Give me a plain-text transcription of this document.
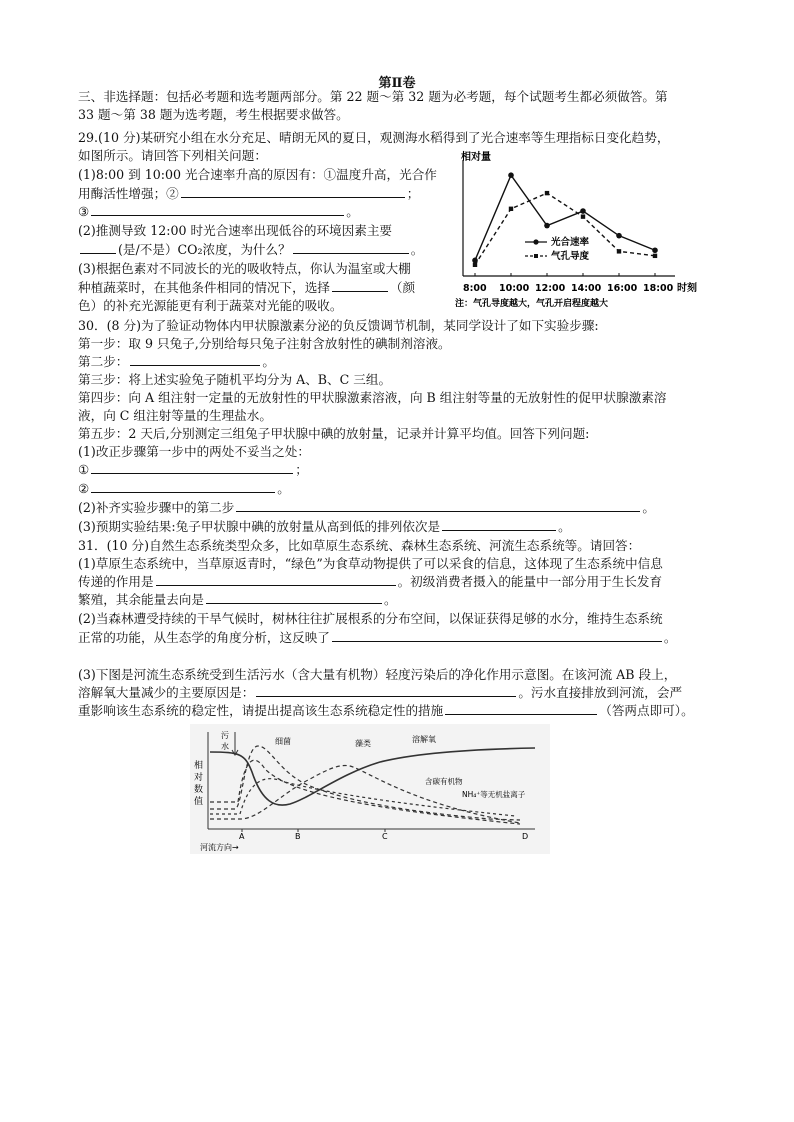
第Ⅱ卷
三、非选择题：包括必考题和选考题两部分。第 22 题～第 32 题为必考题，每个试题考生都必须做答。第
33 题～第 38 题为选考题，考生根据要求做答。
29.(10 分)某研究小组在水分充足、晴朗无风的夏日，观测海水稻得到了光合速率等生理指标日变化趋势，
如图所示。请回答下列相关问题：
(1)8:00 到 10:00 光合速率升高的原因有：①温度升高，光合作
用酶活性增强；②	；
③	。
(2)推测导致 12:00 时光合速率出现低谷的环境因素主要
(是/不是）CO₂浓度，为什么？	。
(3)根据色素对不同波长的光的吸收特点，你认为温室或大棚
种植蔬菜时，在其他条件相同的情况下，选择	（颜
色）的补充光源能更有利于蔬菜对光能的吸收。
相对量
8:00 10:00 12:00 14:00 16:00 18:00 时刻
光合速率
气孔导度
注：气孔导度越大，气孔开启程度越大
30．(8 分)为了验证动物体内甲状腺激素分泌的负反馈调节机制，某同学设计了如下实验步骤:
第一步：取 9 只兔子,分别给每只兔子注射含放射性的碘制剂溶液。
第二步：	。
第三步：将上述实验兔子随机平均分为 A、B、C 三组。
第四步：向 A 组注射一定量的无放射性的甲状腺激素溶液，向 B 组注射等量的无放射性的促甲状腺激素溶
液，向 C 组注射等量的生理盐水。
第五步：2 天后,分别测定三组兔子甲状腺中碘的放射量，记录并计算平均值。回答下列问题:
(1)改正步骤第一步中的两处不妥当之处：
①	；
②	。
(2)补齐实验步骤中的第二步	。
(3)预期实验结果:兔子甲状腺中碘的放射量从高到低的排列依次是	。
31．(10 分)自然生态系统类型众多，比如草原生态系统、森林生态系统、河流生态系统等。请回答：
(1)草原生态系统中，当草原返青时，“绿色”为食草动物提供了可以采食的信息，这体现了生态系统中信息
传递的作用是	。初级消费者摄入的能量中一部分用于生长发育
繁殖，其余能量去向是	。
(2)当森林遭受持续的干旱气候时，树林往往扩展根系的分布空间，以保证获得足够的水分，维持生态系统
正常的功能，从生态学的角度分析，这反映了	。
(3)下图是河流生态系统受到生活污水（含大量有机物）轻度污染后的净化作用示意图。在该河流 AB 段上，
溶解氧大量减少的主要原因是：	。污水直接排放到河流，会严
重影响该生态系统的稳定性，请提出提高该生态系统稳定性的措施	（答两点即可）。
相
对
数
值
污
水
细菌	藻类	溶解氧
含碳有机物
NH₄⁺等无机盐离子
A	B	C	D
河流方向→
